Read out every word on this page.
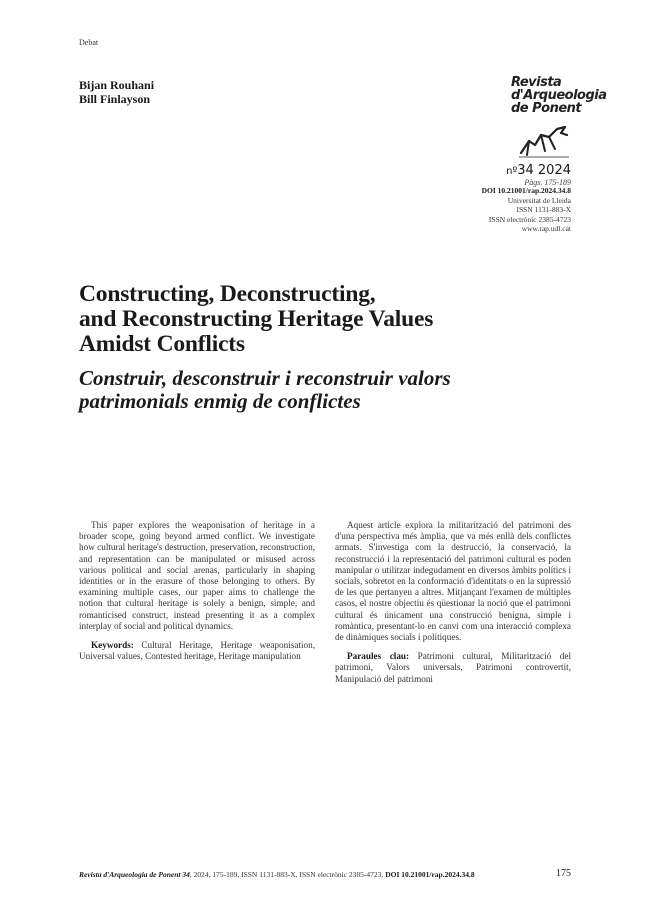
Debat
Bijan Rouhani
Bill Finlayson
Revista
d'Arqueologia
de Ponent
nº34 2024
Pàgs. 175-189
DOI 10.21001/rap.2024.34.8
Universitat de Lleida
ISSN 1131-883-X
ISSN electrònic 2385-4723
www.rap.udl.cat
Constructing, Deconstructing,
and Reconstructing Heritage Values
Amidst Conflicts
Construir, desconstruir i reconstruir valors
patrimonials enmig de conflictes

This paper explores the weaponisation of heritage in a broader scope, going beyond armed conflict. We investigate how cultural heritage's destruction, preservation, reconstruction, and representation can be manipulated or misused across various political and social arenas, particularly in shaping identities or in the erasure of those belonging to others. By examining multiple cases, our paper aims to challenge the notion that cultural heritage is solely a benign, simple, and romanticised construct, instead presenting it as a complex interplay of social and political dynamics.

Keywords: Cultural Heritage, Heritage weaponisation, Universal values, Contested heritage, Heritage manipulation

Aquest article explora la militarització del patrimoni des d'una perspectiva més àmplia, que va més enllà dels conflictes armats. S'investiga com la destrucció, la conservació, la reconstrucció i la representació del patrimoni cultural es poden manipular o utilitzar indegudament en diversos àmbits polítics i socials, sobretot en la conformació d'identitats o en la supressió de les que pertanyen a altres. Mitjançant l'examen de múltiples casos, el nostre objectiu és qüestionar la noció que el patrimoni cultural és únicament una construcció benigna, simple i romàntica, presentant-lo en canvi com una interacció complexa de dinàmiques socials i polítiques.

Paraules clau: Patrimoni cultural, Militarització del patrimoni, Valors universals, Patrimoni controvertit, Manipulació del patrimoni

Revista d'Arqueologia de Ponent 34, 2024, 175-189, ISSN 1131-883-X, ISSN electrònic 2385-4723, DOI 10.21001/rap.2024.34.8	175
